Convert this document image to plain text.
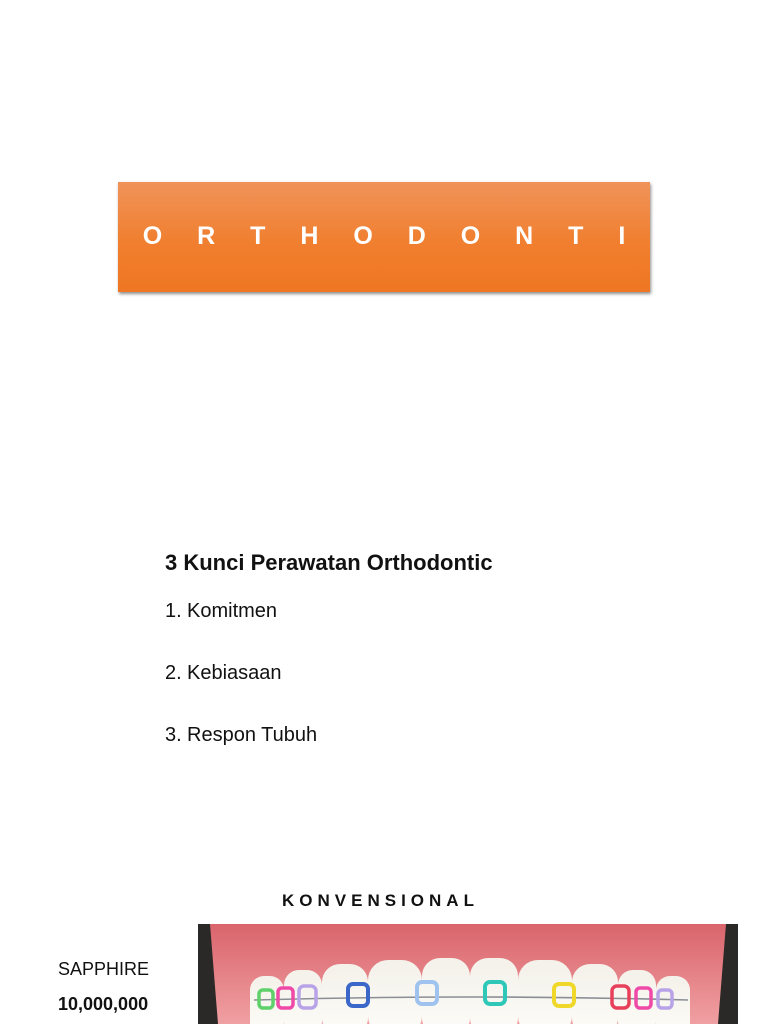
O R T H O D O N T I
3 Kunci Perawatan Orthodontic
1. Komitmen
2. Kebiasaan
3. Respon Tubuh
KONVENSIONAL
SAPPHIRE
10,000,000
